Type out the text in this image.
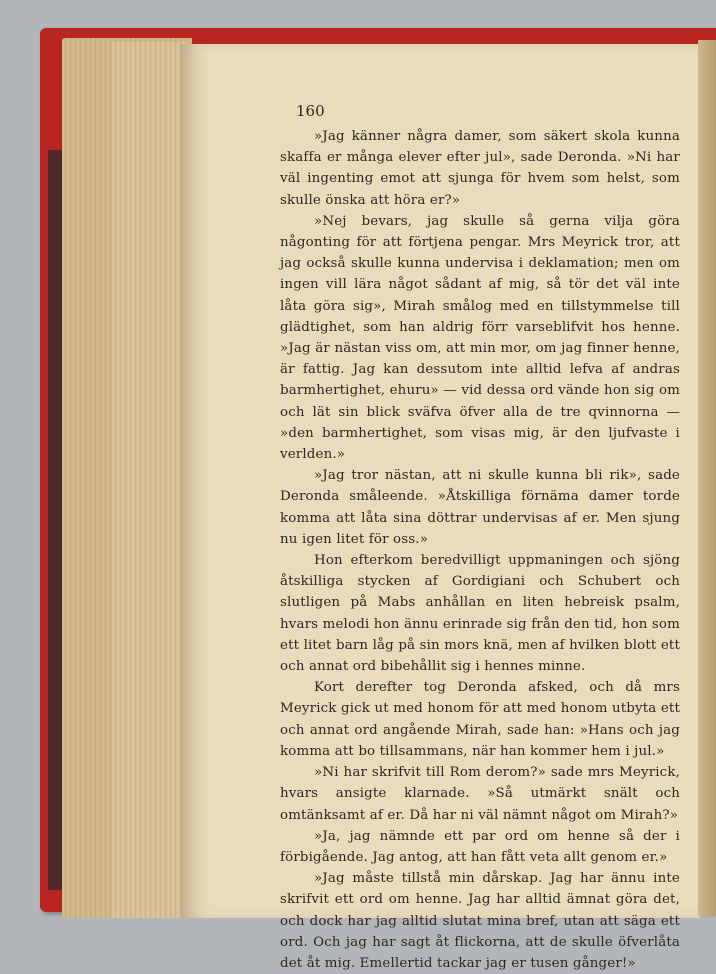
160

»Jag känner några damer, som säkert skola kunna skaffa er många elever efter jul», sade Deronda. »Ni har väl ingenting emot att sjunga för hvem som helst, som skulle önska att höra er?»

»Nej bevars, jag skulle så gerna vilja göra någonting för att förtjena pengar. Mrs Meyrick tror, att jag också skulle kunna undervisa i deklamation; men om ingen vill lära något sådant af mig, så tör det väl inte låta göra sig», Mirah smålog med en tillstymmelse till glädtighet, som han aldrig förr varseblifvit hos henne. »Jag är nästan viss om, att min mor, om jag finner henne, är fattig. Jag kan dessutom inte alltid lefva af andras barmhertighet, ehuru» — vid dessa ord vände hon sig om och lät sin blick sväfva öfver alla de tre qvinnorna — »den barmhertighet, som visas mig, är den ljufvaste i verlden.»

»Jag tror nästan, att ni skulle kunna bli rik», sade Deronda småleende. »Åtskilliga förnäma damer torde komma att låta sina döttrar undervisas af er. Men sjung nu igen litet för oss.»

Hon efterkom beredvilligt uppmaningen och sjöng åtskilliga stycken af Gordigiani och Schubert och slutligen på Mabs anhållan en liten hebreisk psalm, hvars melodi hon ännu erinrade sig från den tid, hon som ett litet barn låg på sin mors knä, men af hvilken blott ett och annat ord bibehållit sig i hennes minne.

Kort derefter tog Deronda afsked, och då mrs Meyrick gick ut med honom för att med honom utbyta ett och annat ord angående Mirah, sade han: »Hans och jag komma att bo tillsammans, när han kommer hem i jul.»

»Ni har skrifvit till Rom derom?» sade mrs Meyrick, hvars ansigte klarnade. »Så utmärkt snält och omtänksamt af er. Då har ni väl nämnt något om Mirah?»

»Ja, jag nämnde ett par ord om henne så der i förbigående. Jag antog, att han fått veta allt genom er.»

»Jag måste tillstå min dårskap. Jag har ännu inte skrifvit ett ord om henne. Jag har alltid ämnat göra det, och dock har jag alltid slutat mina bref, utan att säga ett ord. Och jag har sagt åt flickorna, att de skulle öfverlåta det åt mig. Emellertid tackar jag er tusen gånger!»
